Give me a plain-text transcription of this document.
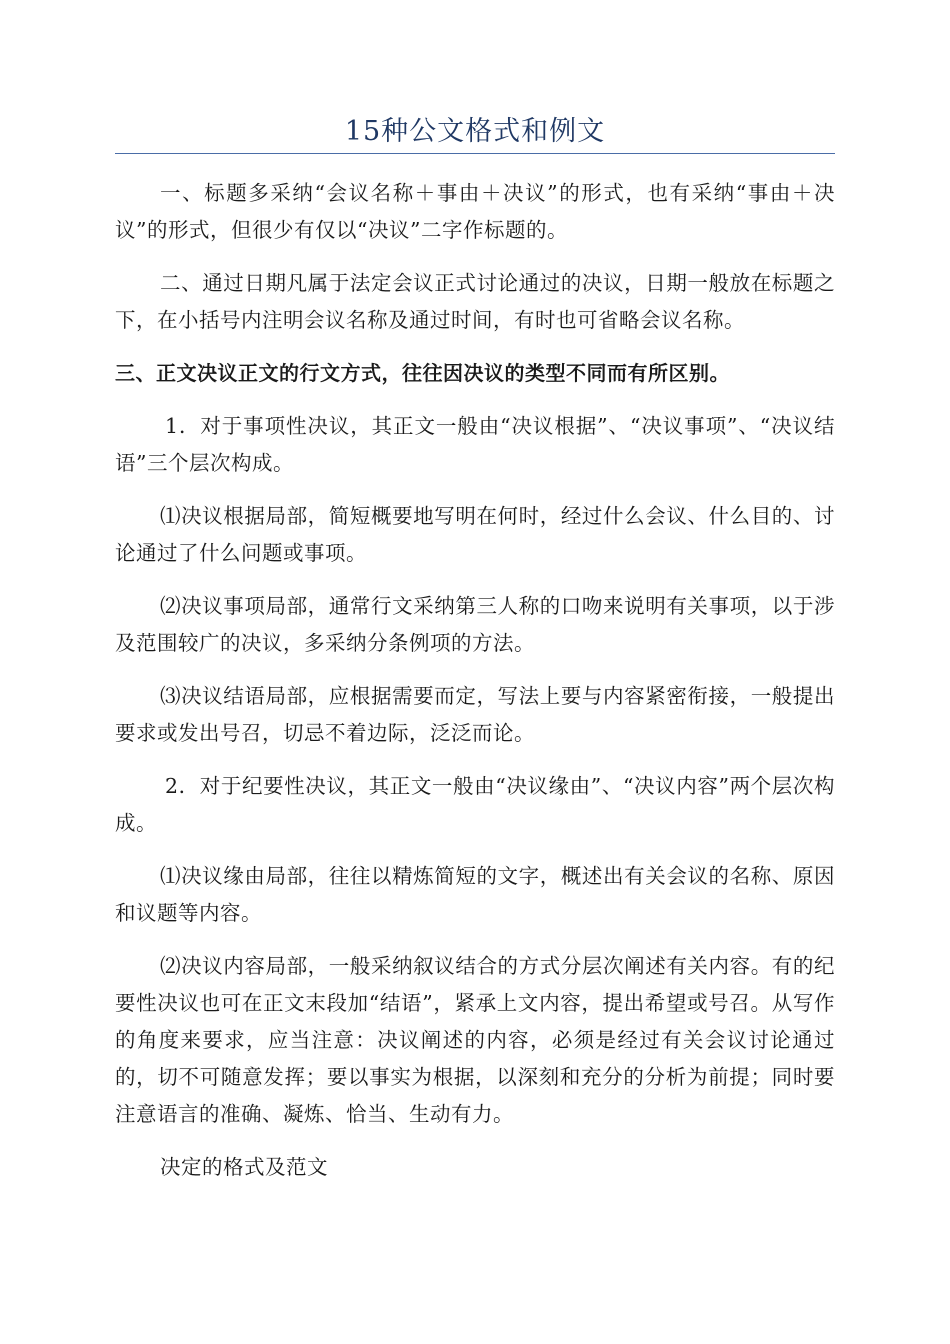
15种公文格式和例文

一、标题多采纳“会议名称＋事由＋决议”的形式，也有采纳“事由＋决议”的形式，但很少有仅以“决议”二字作标题的。

二、通过日期凡属于法定会议正式讨论通过的决议，日期一般放在标题之下，在小括号内注明会议名称及通过时间，有时也可省略会议名称。

三、正文决议正文的行文方式，往往因决议的类型不同而有所区别。

1．对于事项性决议，其正文一般由“决议根据”、“决议事项”、“决议结语”三个层次构成。

⑴决议根据局部，简短概要地写明在何时，经过什么会议、什么目的、讨论通过了什么问题或事项。

⑵决议事项局部，通常行文采纳第三人称的口吻来说明有关事项，以于涉及范围较广的决议，多采纳分条例项的方法。

⑶决议结语局部，应根据需要而定，写法上要与内容紧密衔接，一般提出要求或发出号召，切忌不着边际，泛泛而论。

2．对于纪要性决议，其正文一般由“决议缘由”、“决议内容”两个层次构成。

⑴决议缘由局部，往往以精炼简短的文字，概述出有关会议的名称、原因和议题等内容。

⑵决议内容局部，一般采纳叙议结合的方式分层次阐述有关内容。有的纪要性决议也可在正文末段加“结语”，紧承上文内容，提出希望或号召。从写作的角度来要求，应当注意：决议阐述的内容，必须是经过有关会议讨论通过的，切不可随意发挥；要以事实为根据，以深刻和充分的分析为前提；同时要注意语言的准确、凝炼、恰当、生动有力。

决定的格式及范文
